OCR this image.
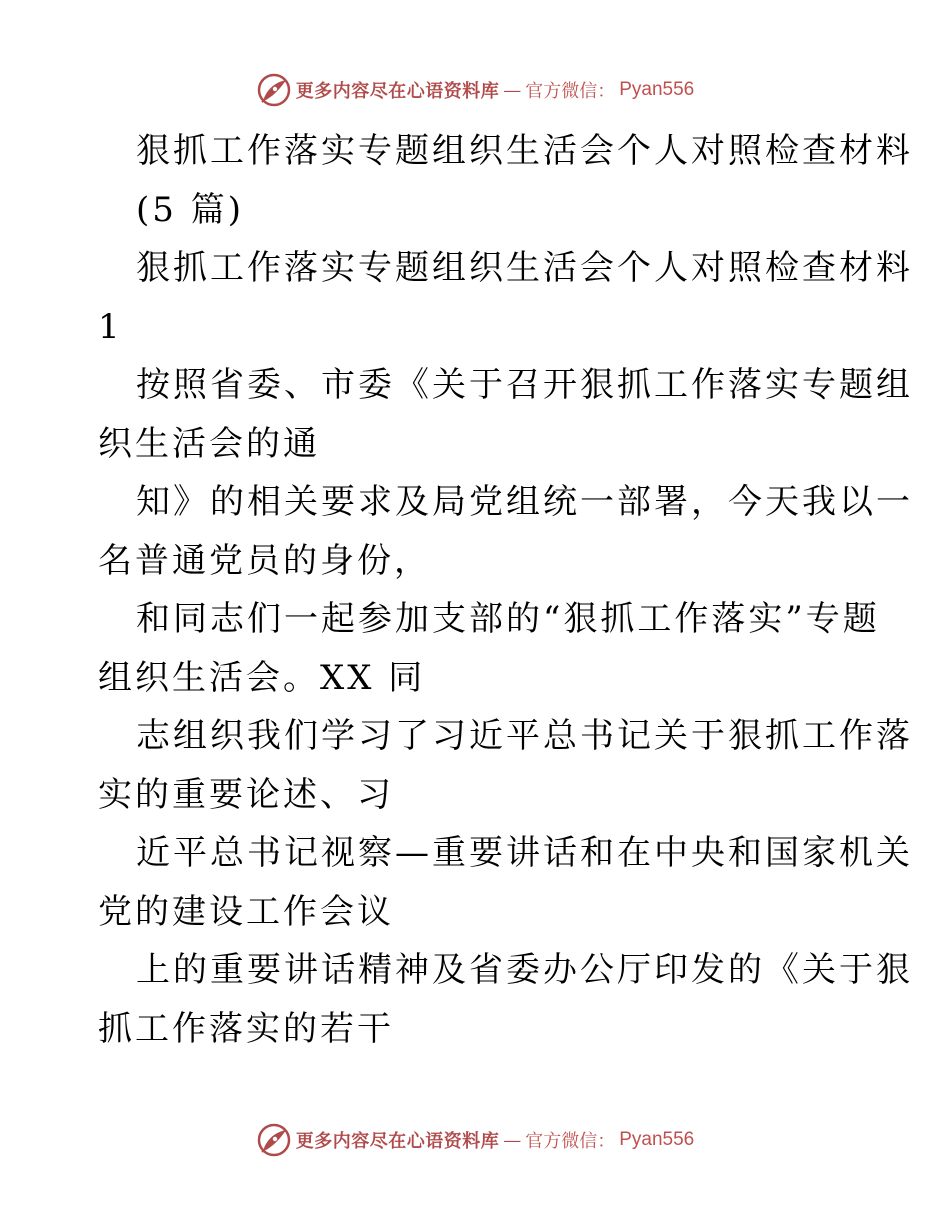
更多内容尽在心语资料库 — 官方微信： Pyan556
狠抓工作落实专题组织生活会个人对照检查材料
(5 篇)
狠抓工作落实专题组织生活会个人对照检查材料
1
按照省委、市委《关于召开狠抓工作落实专题组
织生活会的通
知》的相关要求及局党组统一部署，今天我以一
名普通党员的身份，
和同志们一起参加支部的“狠抓工作落实”专题
组织生活会。XX 同
志组织我们学习了习近平总书记关于狠抓工作落
实的重要论述、习
近平总书记视察—重要讲话和在中央和国家机关
党的建设工作会议
上的重要讲话精神及省委办公厅印发的《关于狠
抓工作落实的若干
更多内容尽在心语资料库 — 官方微信： Pyan556
